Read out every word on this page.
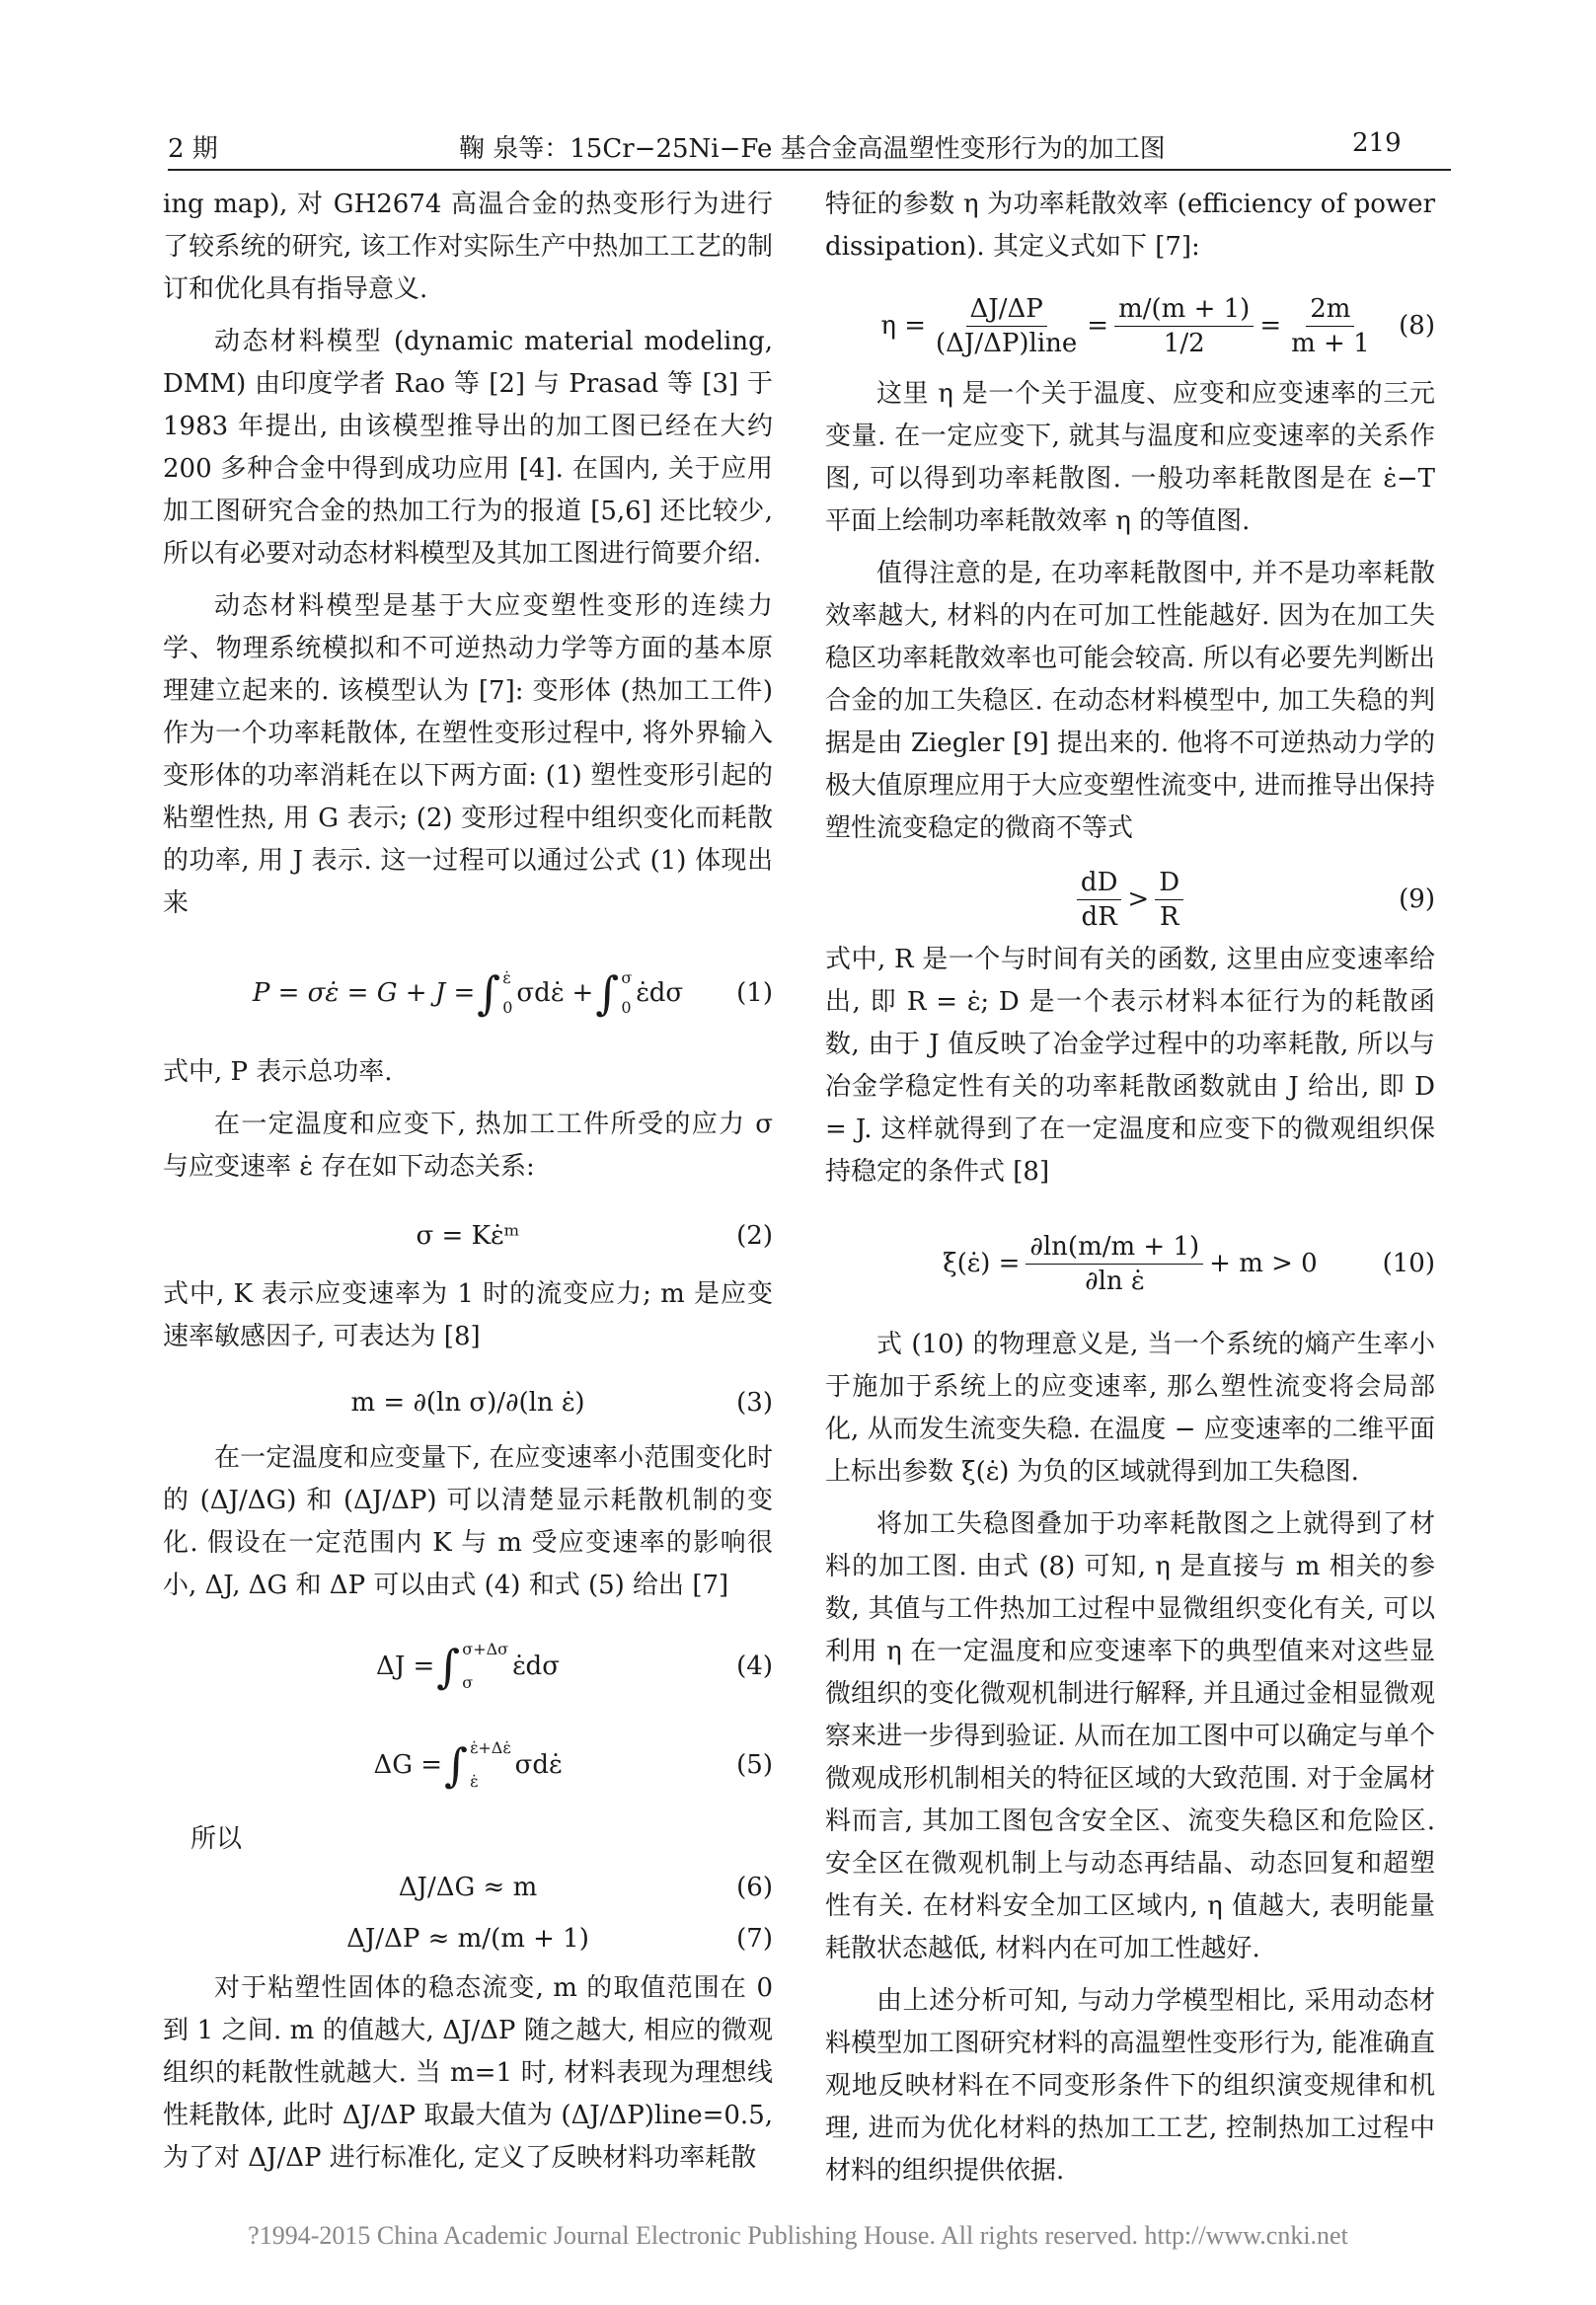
2 期	鞠 泉等：15Cr−25Ni−Fe 基合金高温塑性变形行为的加工图	219

ing map), 对 GH2674 高温合金的热变形行为进行了较系统的研究, 该工作对实际生产中热加工工艺的制订和优化具有指导意义.

动态材料模型 (dynamic material modeling, DMM) 由印度学者 Rao 等 [2] 与 Prasad 等 [3] 于 1983 年提出, 由该模型推导出的加工图已经在大约 200 多种合金中得到成功应用 [4]. 在国内, 关于应用加工图研究合金的热加工行为的报道 [5,6] 还比较少, 所以有必要对动态材料模型及其加工图进行简要介绍.

动态材料模型是基于大应变塑性变形的连续力学、物理系统模拟和不可逆热动力学等方面的基本原理建立起来的. 该模型认为 [7]: 变形体 (热加工工件) 作为一个功率耗散体, 在塑性变形过程中, 将外界输入变形体的功率消耗在以下两方面: (1) 塑性变形引起的粘塑性热, 用 G 表示; (2) 变形过程中组织变化而耗散的功率, 用 J 表示. 这一过程可以通过公式 (1) 体现出来

P = σε̇ = G + J = ∫ ε̇
0 σdε̇ + ∫ σ
0 ε̇dσ (1)

式中, P 表示总功率.

在一定温度和应变下, 热加工工件所受的应力 σ 与应变速率 ε̇ 存在如下动态关系:

σ = Kε̇ᵐ	(2)

式中, K 表示应变速率为 1 时的流变应力; m 是应变速率敏感因子, 可表达为 [8]

m = ∂(ln σ)/∂(ln ε̇)	(3)

在一定温度和应变量下, 在应变速率小范围变化时的 (ΔJ/ΔG) 和 (ΔJ/ΔP) 可以清楚显示耗散机制的变化. 假设在一定范围内 K 与 m 受应变速率的影响很小, ΔJ, ΔG 和 ΔP 可以由式 (4) 和式 (5) 给出 [7]

ΔJ = ∫ σ+Δσ
σ
ε̇dσ	(4)
ΔG = ∫ ε̇+Δε̇
ε̇
σdε̇	(5)
所以
ΔJ/ΔG ≈ m	(6)
ΔJ/ΔP ≈ m/(m + 1)	(7)

对于粘塑性固体的稳态流变, m 的取值范围在 0 到 1 之间. m 的值越大, ΔJ/ΔP 随之越大, 相应的微观组织的耗散性就越大. 当 m=1 时, 材料表现为理想线性耗散体, 此时 ΔJ/ΔP 取最大值为 (ΔJ/ΔP)line=0.5, 为了对 ΔJ/ΔP 进行标准化, 定义了反映材料功率耗散

特征的参数 η 为功率耗散效率 (efficiency of power dissipation). 其定义式如下 [7]:

$\eta = \frac{\Delta J/\Delta P}{\text{(ΔJ/ΔP)line}} = \frac{m/(m + 1)}{1/2} = \frac{2m}{m + 1} (8)$

这里 η 是一个关于温度、应变和应变速率的三元变量. 在一定应变下, 就其与温度和应变速率的关系作图, 可以得到功率耗散图. 一般功率耗散图是在 ε̇−T 平面上绘制功率耗散效率 η 的等值图.

值得注意的是, 在功率耗散图中, 并不是功率耗散效率越大, 材料的内在可加工性能越好. 因为在加工失稳区功率耗散效率也可能会较高. 所以有必要先判断出合金的加工失稳区. 在动态材料模型中, 加工失稳的判据是由 Ziegler [9] 提出来的. 他将不可逆热动力学的极大值原理应用于大应变塑性流变中, 进而推导出保持塑性流变稳定的微商不等式

$\frac{dD}{dR} > \frac{D}{R}$	(9)

式中, R 是一个与时间有关的函数, 这里由应变速率给出, 即 R = ε̇; D 是一个表示材料本征行为的耗散函数, 由于 J 值反映了冶金学过程中的功率耗散, 所以与冶金学稳定性有关的功率耗散函数就由 J 给出, 即 D = J. 这样就得到了在一定温度和应变下的微观组织保持稳定的条件式 [8]

ξ(ε̇) = $\frac{\partial\ln(m/m + 1)}{\text{∂ln ε̇}} + m > 0$	(10)

式 (10) 的物理意义是, 当一个系统的熵产生率小于施加于系统上的应变速率, 那么塑性流变将会局部化, 从而发生流变失稳. 在温度 − 应变速率的二维平面上标出参数 ξ(ε̇) 为负的区域就得到加工失稳图.

将加工失稳图叠加于功率耗散图之上就得到了材料的加工图. 由式 (8) 可知, η 是直接与 m 相关的参数, 其值与工件热加工过程中显微组织变化有关, 可以利用 η 在一定温度和应变速率下的典型值来对这些显微组织的变化微观机制进行解释, 并且通过金相显微观察来进一步得到验证. 从而在加工图中可以确定与单个微观成形机制相关的特征区域的大致范围. 对于金属材料而言, 其加工图包含安全区、流变失稳区和危险区. 安全区在微观机制上与动态再结晶、动态回复和超塑性有关. 在材料安全加工区域内, η 值越大, 表明能量耗散状态越低, 材料内在可加工性越好.

由上述分析可知, 与动力学模型相比, 采用动态材料模型加工图研究材料的高温塑性变形行为, 能准确直观地反映材料在不同变形条件下的组织演变规律和机理, 进而为优化材料的热加工工艺, 控制热加工过程中材料的组织提供依据.

?1994-2015 China Academic Journal Electronic Publishing House. All rights reserved. http://www.cnki.net
